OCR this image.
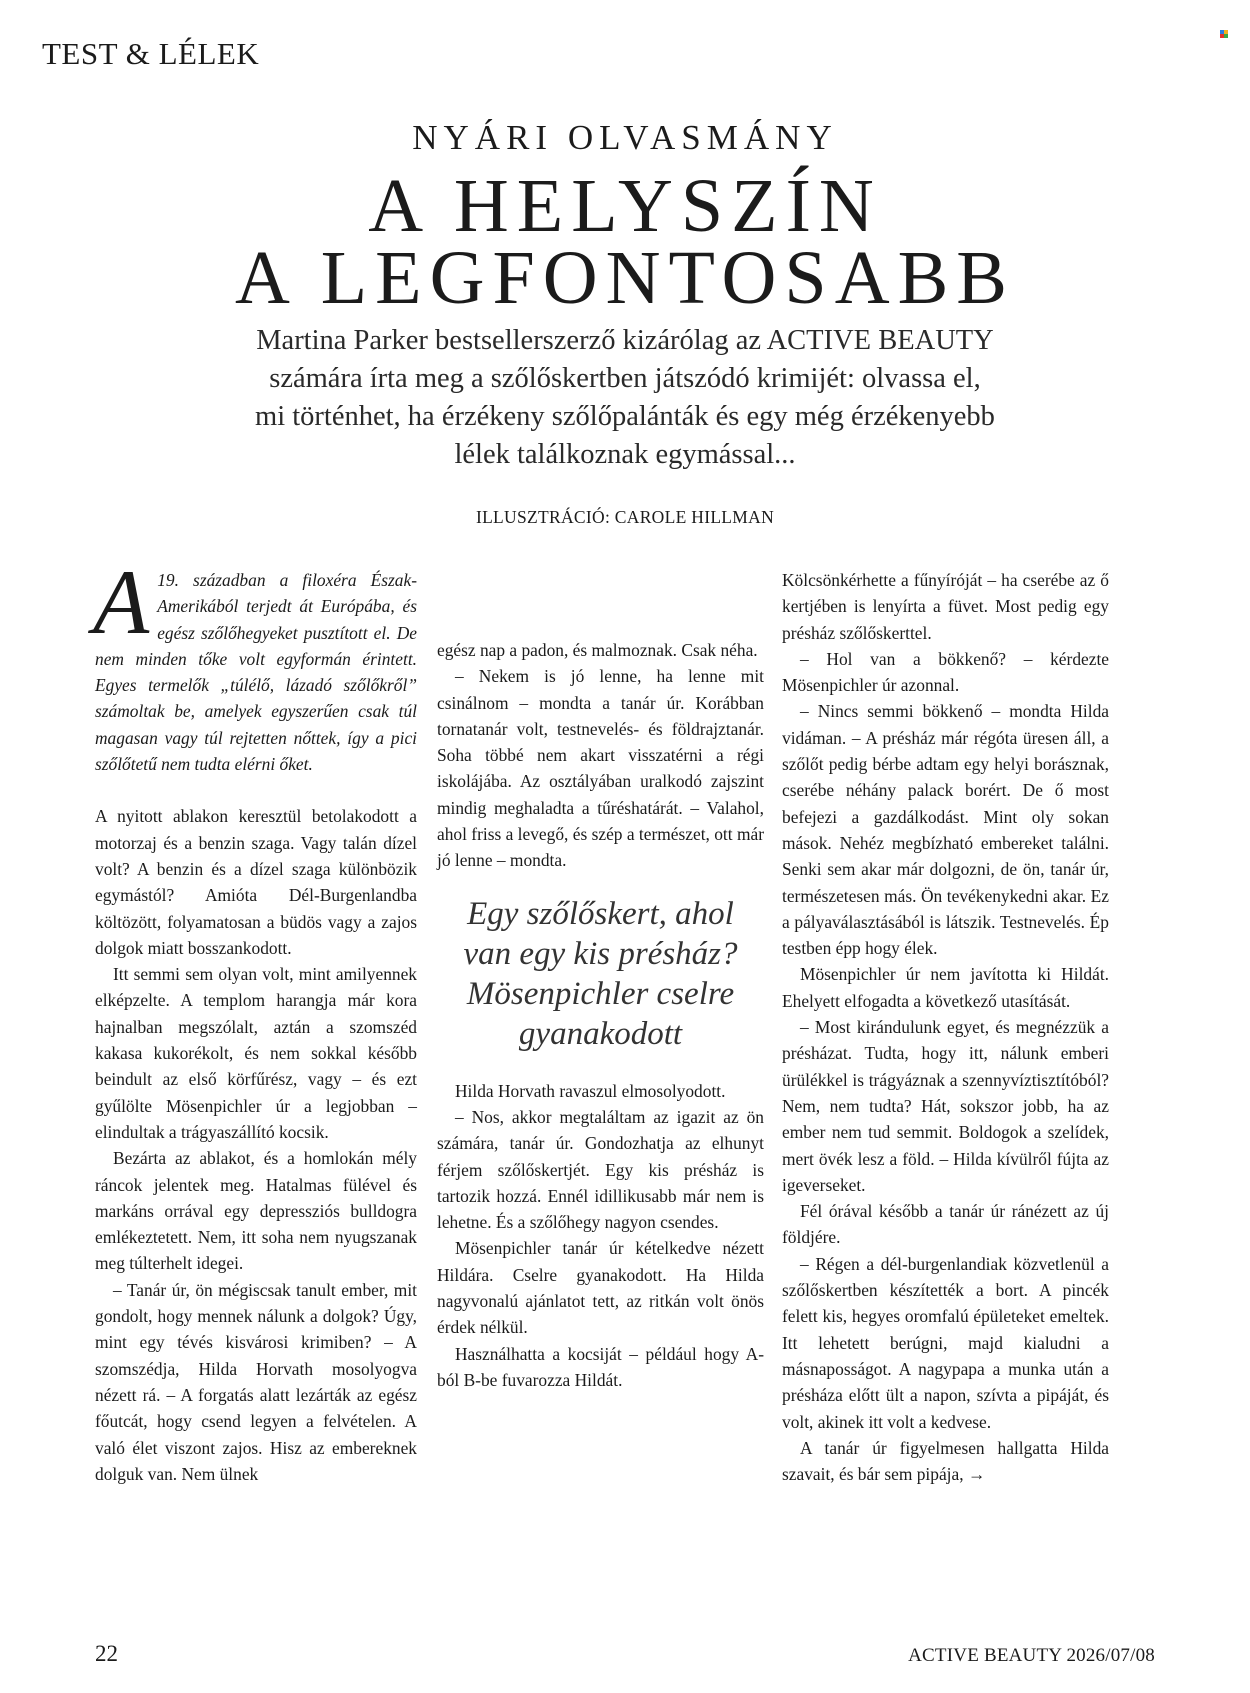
TEST & LÉLEK
NYÁRI OLVASMÁNY
A HELYSZÍN
A LEGFONTOSABB
Martina Parker bestsellerszerző kizárólag az ACTIVE BEAUTY
számára írta meg a szőlőskertben játszódó krimijét: olvassa el,
mi történhet, ha érzékeny szőlőpalánták és egy még érzékenyebb
lélek találkoznak egymással...
ILLUSZTRÁCIÓ: CAROLE HILLMAN

A 19. században a filoxéra Észak-Amerikából terjedt át Európába, és egész szőlőhegyeket pusztított el. De nem minden tőke volt egyformán érintett. Egyes termelők „túlélő, lázadó szőlőkről” számoltak be, amelyek egyszerűen csak túl magasan vagy túl rejtetten nőttek, így a pici szőlőtetű nem tudta elérni őket.

A nyitott ablakon keresztül betolakodott a motorzaj és a benzin szaga. Vagy talán dízel volt? A benzin és a dízel szaga különbözik egymástól? Amióta Dél-Burgenlandba költözött, folyamatosan a büdös vagy a zajos dolgok miatt bosszankodott.

Itt semmi sem olyan volt, mint amilyennek elképzelte. A templom harangja már kora hajnalban megszólalt, aztán a szomszéd kakasa kukorékolt, és nem sokkal később beindult az első körfűrész, vagy – és ezt gyűlölte Mösenpichler úr a legjobban – elindultak a trágyaszállító kocsik.

Bezárta az ablakot, és a homlokán mély ráncok jelentek meg. Hatalmas fülével és markáns orrával egy depressziós bulldogra emlékeztetett. Nem, itt soha nem nyugszanak meg túlterhelt idegei.

– Tanár úr, ön mégiscsak tanult ember, mit gondolt, hogy mennek nálunk a dolgok? Úgy, mint egy tévés kisvárosi krimiben? – A szomszédja, Hilda Horvath mosolyogva nézett rá. – A forgatás alatt lezárták az egész főutcát, hogy csend legyen a felvételen. A való élet viszont zajos. Hisz az embereknek dolguk van. Nem ülnek

egész nap a padon, és malmoznak. Csak néha.

– Nekem is jó lenne, ha lenne mit csinálnom – mondta a tanár úr. Korábban tornatanár volt, testnevelés- és földrajztanár. Soha többé nem akart visszatérni a régi iskolájába. Az osztályában uralkodó zajszint mindig meghaladta a tűréshatárát. – Valahol, ahol friss a levegő, és szép a természet, ott már jó lenne – mondta.

Egy szőlőskert, ahol
van egy kis présház?
Mösenpichler cselre
gyanakodott

Hilda Horvath ravaszul elmosolyodott.

– Nos, akkor megtaláltam az igazit az ön számára, tanár úr. Gondozhatja az elhunyt férjem szőlőskertjét. Egy kis présház is tartozik hozzá. Ennél idillikusabb már nem is lehetne. És a szőlőhegy nagyon csendes.

Mösenpichler tanár úr kételkedve nézett Hildára. Cselre gyanakodott. Ha Hilda nagyvonalú ajánlatot tett, az ritkán volt önös érdek nélkül.

Használhatta a kocsiját – például hogy A-ból B-be fuvarozza Hildát.

Kölcsönkérhette a fűnyíróját – ha cserébe az ő kertjében is lenyírta a füvet. Most pedig egy présház szőlőskerttel.

– Hol van a bökkenő? – kérdezte Mösenpichler úr azonnal.

– Nincs semmi bökkenő – mondta Hilda vidáman. – A présház már régóta üresen áll, a szőlőt pedig bérbe adtam egy helyi borásznak, cserébe néhány palack borért. De ő most befejezi a gazdálkodást. Mint oly sokan mások. Nehéz megbízható embereket találni. Senki sem akar már dolgozni, de ön, tanár úr, természetesen más. Ön tevékenykedni akar. Ez a pályaválasztásából is látszik. Testnevelés. Ép testben épp hogy élek.

Mösenpichler úr nem javította ki Hildát. Ehelyett elfogadta a következő utasítását.

– Most kirándulunk egyet, és megnézzük a présházat. Tudta, hogy itt, nálunk emberi ürülékkel is trágyáznak a szennyvíztisztítóból? Nem, nem tudta? Hát, sokszor jobb, ha az ember nem tud semmit. Boldogok a szelídek, mert övék lesz a föld. – Hilda kívülről fújta az igeverseket.

Fél órával később a tanár úr ránézett az új földjére.

– Régen a dél-burgenlandiak közvetlenül a szőlőskertben készítették a bort. A pincék felett kis, hegyes oromfalú épületeket emeltek. Itt lehetett berúgni, majd kialudni a másnaposságot. A nagypapa a munka után a présháza előtt ült a napon, szívta a pipáját, és volt, akinek itt volt a kedvese.

A tanár úr figyelmesen hallgatta Hilda szavait, és bár sem pipája, →

22	ACTIVE BEAUTY 2026/07/08
